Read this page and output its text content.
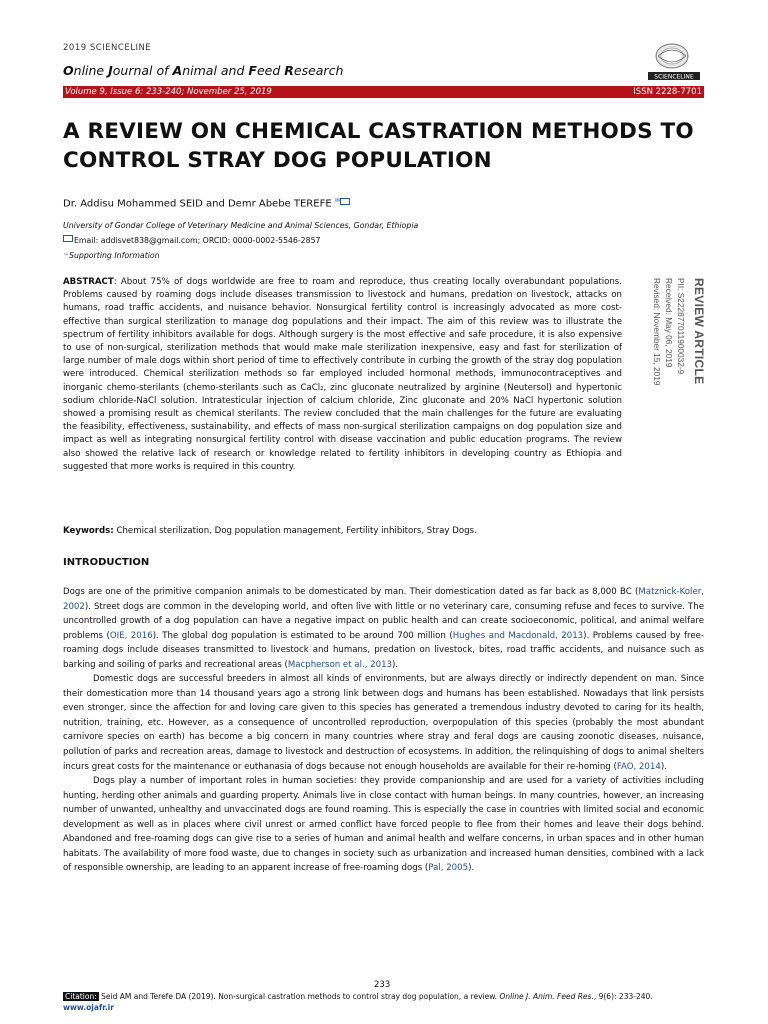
2019 SCIENCELINE
Online Journal of Animal and Feed Research	SCIENCELINE
Volume 9, Issue 6: 233-240; November 25, 2019	ISSN 2228-7701
A REVIEW ON CHEMICAL CASTRATION METHODS TO CONTROL STRAY DOG POPULATION
Dr. Addisu Mohammed SEID and Demr Abebe TEREFE ✉
University of Gondar College of Veterinary Medicine and Animal Sciences, Gondar, Ethiopia
Email: addisvet838@gmail.com; ORCID: 0000-0002-5546-2857
™Supporting Information
ABSTRACT: About 75% of dogs worldwide are free to roam and reproduce, thus creating locally overabundant populations. Problems caused by roaming dogs include diseases transmission to livestock and humans, predation on livestock, attacks on humans, road traffic accidents, and nuisance behavior. Nonsurgical fertility control is increasingly advocated as more cost-effective than surgical sterilization to manage dog populations and their impact. The aim of this review was to illustrate the spectrum of fertility inhibitors available for dogs. Although surgery is the most effective and safe procedure, it is also expensive to use of non-surgical, sterilization methods that would make male sterilization inexpensive, easy and fast for sterilization of large number of male dogs within short period of time to effectively contribute in curbing the growth of the stray dog population were introduced. Chemical sterilization methods so far employed included hormonal methods, immunocontraceptives and inorganic chemo-sterilants (chemo-sterilants such as CaCl₂, zinc gluconate neutralized by arginine (Neutersol) and hypertonic sodium chloride-NaCl solution. Intratesticular injection of calcium chloride, Zinc gluconate and 20% NaCl hypertonic solution showed a promising result as chemical sterilants. The review concluded that the main challenges for the future are evaluating the feasibility, effectiveness, sustainability, and effects of mass non-surgical sterilization campaigns on dog population size and impact as well as integrating nonsurgical fertility control with disease vaccination and public education programs. The review also showed the relative lack of research or knowledge related to fertility inhibitors in developing country as Ethiopia and suggested that more works is required in this country.
REVIEW ARTICLE
PII: S222877011900032-9
Received: May 06, 2019
Revised: November 15, 2019
Keywords: Chemical sterilization, Dog population management, Fertility inhibitors, Stray Dogs.
INTRODUCTION

Dogs are one of the primitive companion animals to be domesticated by man. Their domestication dated as far back as 8,000 BC (Matznick-Koler, 2002). Street dogs are common in the developing world, and often live with little or no veterinary care, consuming refuse and feces to survive. The uncontrolled growth of a dog population can have a negative impact on public health and can create socioeconomic, political, and animal welfare problems (OIE, 2016). The global dog population is estimated to be around 700 million (Hughes and Macdonald, 2013). Problems caused by free-roaming dogs include diseases transmitted to livestock and humans, predation on livestock, bites, road traffic accidents, and nuisance such as barking and soiling of parks and recreational areas (Macpherson et al., 2013).

Domestic dogs are successful breeders in almost all kinds of environments, but are always directly or indirectly dependent on man. Since their domestication more than 14 thousand years ago a strong link between dogs and humans has been established. Nowadays that link persists even stronger, since the affection for and loving care given to this species has generated a tremendous industry devoted to caring for its health, nutrition, training, etc. However, as a consequence of uncontrolled reproduction, overpopulation of this species (probably the most abundant carnivore species on earth) has become a big concern in many countries where stray and feral dogs are causing zoonotic diseases, nuisance, pollution of parks and recreation areas, damage to livestock and destruction of ecosystems. In addition, the relinquishing of dogs to animal shelters incurs great costs for the maintenance or euthanasia of dogs because not enough households are available for their re-homing (FAO, 2014).

Dogs play a number of important roles in human societies: they provide companionship and are used for a variety of activities including hunting, herding other animals and guarding property. Animals live in close contact with human beings. In many countries, however, an increasing number of unwanted, unhealthy and unvaccinated dogs are found roaming. This is especially the case in countries with limited social and economic development as well as in places where civil unrest or armed conflict have forced people to flee from their homes and leave their dogs behind. Abandoned and free-roaming dogs can give rise to a series of human and animal health and welfare concerns, in urban spaces and in other human habitats. The availability of more food waste, due to changes in society such as urbanization and increased human densities, combined with a lack of responsible ownership, are leading to an apparent increase of free-roaming dogs (Pal, 2005).

233
Citation: Seid AM and Terefe DA (2019). Non-surgical castration methods to control stray dog population, a review. Online J. Anim. Feed Res., 9(6): 233-240.
www.ojafr.ir
